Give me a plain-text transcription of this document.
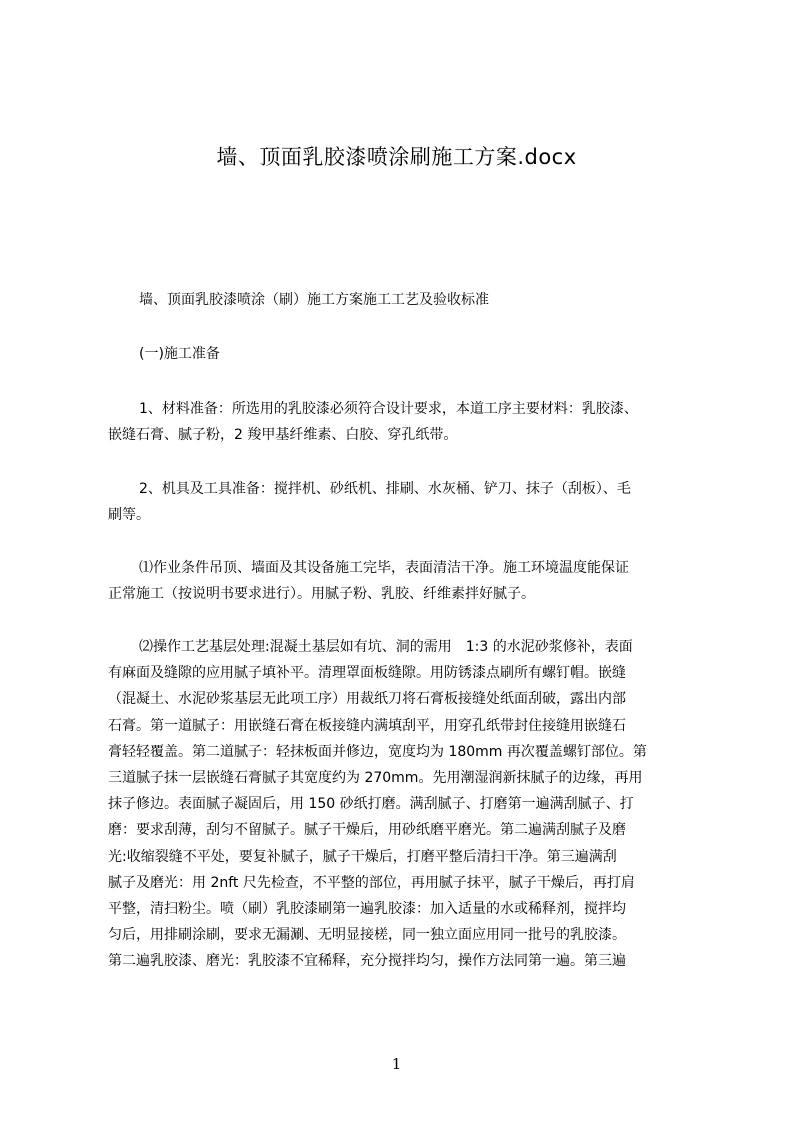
墙、顶面乳胶漆喷涂刷施工方案.docx
墙、顶面乳胶漆喷涂（刷）施工方案施工工艺及验收标准
(一)施工准备
1、材料准备：所选用的乳胶漆必须符合设计要求，本道工序主要材料：乳胶漆、
嵌缝石膏、腻子粉，2 羧甲基纤维素、白胶、穿孔纸带。
2、机具及工具准备：搅拌机、砂纸机、排刷、水灰桶、铲刀、抹子（刮板）、毛
刷等。
⑴作业条件吊顶、墙面及其设备施工完毕，表面清洁干净。施工环境温度能保证
正常施工（按说明书要求进行）。用腻子粉、乳胶、纤维素拌好腻子。
⑵操作工艺基层处理:混凝土基层如有坑、洞的需用　1:3 的水泥砂浆修补，表面
有麻面及缝隙的应用腻子填补平。清理罩面板缝隙。用防锈漆点刷所有螺钉帽。嵌缝
（混凝土、水泥砂浆基层无此项工序）用裁纸刀将石膏板接缝处纸面刮破，露出内部
石膏。第一道腻子：用嵌缝石膏在板接缝内满填刮平，用穿孔纸带封住接缝用嵌缝石
膏轻轻覆盖。第二道腻子：轻抹板面并修边，宽度均为 180mm 再次覆盖螺钉部位。第
三道腻子抹一层嵌缝石膏腻子其宽度约为 270mm。先用潮湿润新抹腻子的边缘，再用
抹子修边。表面腻子凝固后，用 150 砂纸打磨。满刮腻子、打磨第一遍满刮腻子、打
磨：要求刮薄，刮匀不留腻子。腻子干燥后，用砂纸磨平磨光。第二遍满刮腻子及磨
光:收缩裂缝不平处，要复补腻子，腻子干燥后，打磨平整后清扫干净。第三遍满刮
腻子及磨光：用 2nft 尺先检查，不平整的部位，再用腻子抹平，腻子干燥后，再打肩
平整，清扫粉尘。喷（刷）乳胶漆刷第一遍乳胶漆：加入适量的水或稀释剂，搅拌均
匀后，用排刷涂刷，要求无漏涮、无明显接槎，同一独立面应用同一批号的乳胶漆。
第二遍乳胶漆、磨光：乳胶漆不宜稀释，充分搅拌均匀，操作方法同第一遍。第三遍
1
